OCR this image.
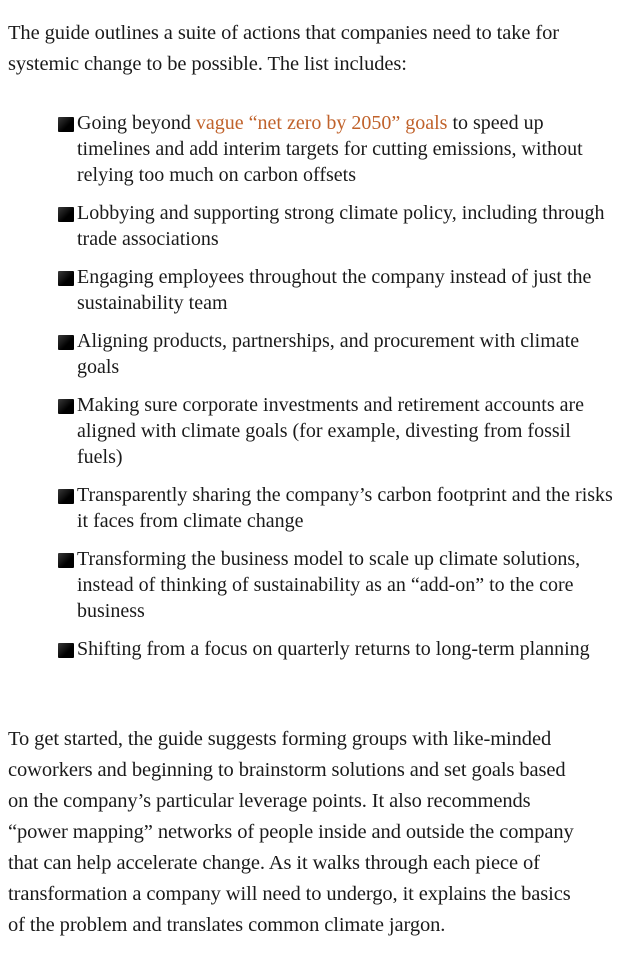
The guide outlines a suite of actions that companies need to take for
systemic change to be possible. The list includes:

Going beyond vague “net zero by 2050” goals to speed up timelines and add interim targets for cutting emissions, without relying too much on carbon offsets
Lobbying and supporting strong climate policy, including through trade associations
Engaging employees throughout the company instead of just the sustainability team
Aligning products, partnerships, and procurement with climate goals
Making sure corporate investments and retirement accounts are aligned with climate goals (for example, divesting from fossil fuels)
Transparently sharing the company’s carbon footprint and the risks it faces from climate change
Transforming the business model to scale up climate solutions, instead of thinking of sustainability as an “add-on” to the core business
Shifting from a focus on quarterly returns to long-term planning

To get started, the guide suggests forming groups with like-minded
coworkers and beginning to brainstorm solutions and set goals based
on the company’s particular leverage points. It also recommends
“power mapping” networks of people inside and outside the company
that can help accelerate change. As it walks through each piece of
transformation a company will need to undergo, it explains the basics
of the problem and translates common climate jargon.
